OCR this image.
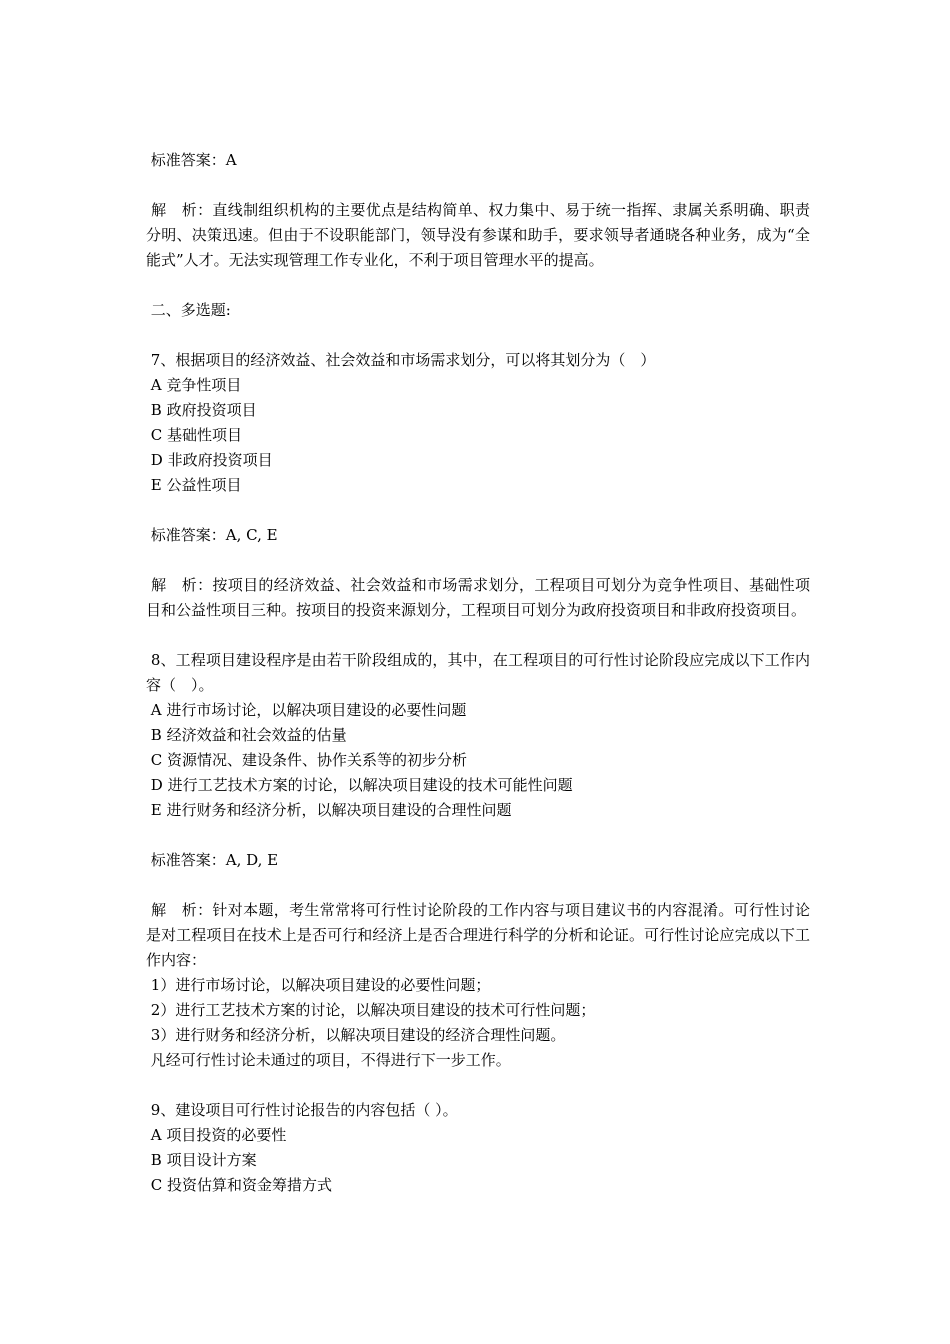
标准答案：A
解　析：直线制组织机构的主要优点是结构简单、权力集中、易于统一指挥、隶属关系明确、职责分明、决策迅速。但由于不设职能部门，领导没有参谋和助手，要求领导者通晓各种业务，成为“全能式”人才。无法实现管理工作专业化，不利于项目管理水平的提高。
二、多选题:
7、根据项目的经济效益、社会效益和市场需求划分，可以将其划分为（　）
A 竞争性项目
B 政府投资项目
C 基础性项目
D 非政府投资项目
E 公益性项目
标准答案：A, C, E
解　析：按项目的经济效益、社会效益和市场需求划分，工程项目可划分为竞争性项目、基础性项目和公益性项目三种。按项目的投资来源划分，工程项目可划分为政府投资项目和非政府投资项目。
8、工程项目建设程序是由若干阶段组成的，其中，在工程项目的可行性讨论阶段应完成以下工作内容（　）。
A 进行市场讨论，以解决项目建设的必要性问题
B 经济效益和社会效益的估量
C 资源情况、建设条件、协作关系等的初步分析
D 进行工艺技术方案的讨论，以解决项目建设的技术可能性问题
E 进行财务和经济分析，以解决项目建设的合理性问题
标准答案：A, D, E
解　析：针对本题，考生常常将可行性讨论阶段的工作内容与项目建议书的内容混淆。可行性讨论是对工程项目在技术上是否可行和经济上是否合理进行科学的分析和论证。可行性讨论应完成以下工作内容：
1）进行市场讨论，以解决项目建设的必要性问题；
2）进行工艺技术方案的讨论，以解决项目建设的技术可行性问题；
3）进行财务和经济分析，以解决项目建设的经济合理性问题。
凡经可行性讨论未通过的项目，不得进行下一步工作。
9、建设项目可行性讨论报告的内容包括（ ）。
A 项目投资的必要性
B 项目设计方案
C 投资估算和资金筹措方式
